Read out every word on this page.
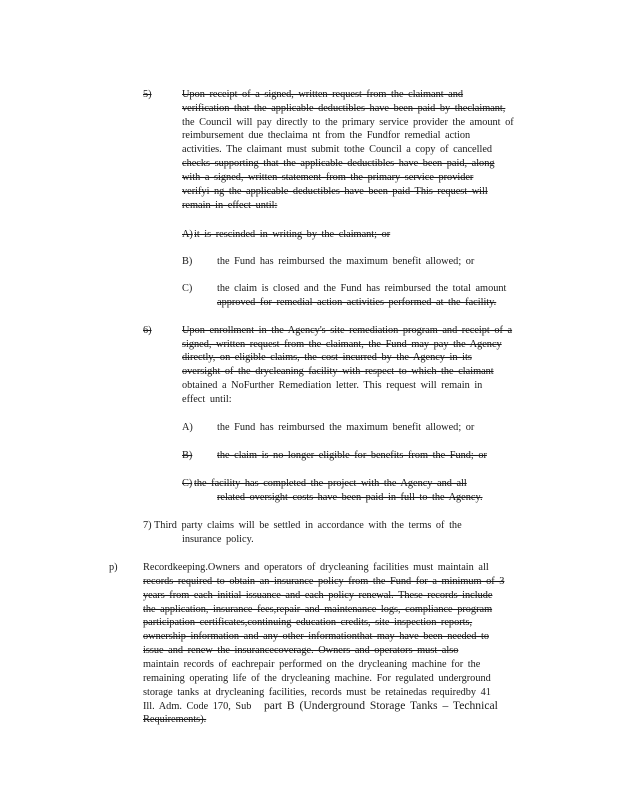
5)	Upon receipt of a signed, written request from the claimant and
verification that the applicable deductibles have been paid by theclaimant,
the Council will pay directly to the primary service provider the amount of
reimbursement due theclaima nt from the Fundfor remedial action
activities. The claimant must submit tothe Council a copy of cancelled
checks supporting that the applicable deductibles have been paid, along
with a signed, written statement from the primary service provider
verifyi ng the applicable deductibles have been paid This request will
remain in effect until:
A) it is rescinded in writing by the claimant; or
B) the Fund has reimbursed the maximum benefit allowed; or
C) the claim is closed and the Fund has reimbursed the total amount
approved for remedial action activities performed at the facility.
6)	Upon enrollment in the Agency's site remediation program and receipt of a
signed, written request from the claimant, the Fund may pay the Agency
directly, on eligible claims, the cost incurred by the Agency in its
oversight of the drycleaning facility with respect to which the claimant
obtained a NoFurther Remediation letter. This request will remain in
effect until:
A) the Fund has reimbursed the maximum benefit allowed; or
B) the claim is no longer eligible for benefits from the Fund; or
C) the facility has completed the project with the Agency and all
related oversight costs have been paid in full to the Agency.
7) Third party claims will be settled in accordance with the terms of the
insurance policy.
p) Recordkeeping.Owners and operators of drycleaning facilities must maintain all
records required to obtain an insurance policy from the Fund for a minimum of 3
years from each initial issuance and each policy renewal. These records include
the application, insurance fees,repair and maintenance logs, compliance program
participation certificates,continuing education credits, site inspection reports,
ownership information and any other informationthat may have been needed to
issue and renew the insurancecoverage. Owners and operators must also
maintain records of eachrepair performed on the drycleaning machine for the
remaining operating life of the drycleaning machine. For regulated underground
storage tanks at drycleaning facilities, records must be retainedas requiredby 41
Ill. Adm. Code 170, Sub part B (Underground Storage Tanks – Technical
Requirements).
